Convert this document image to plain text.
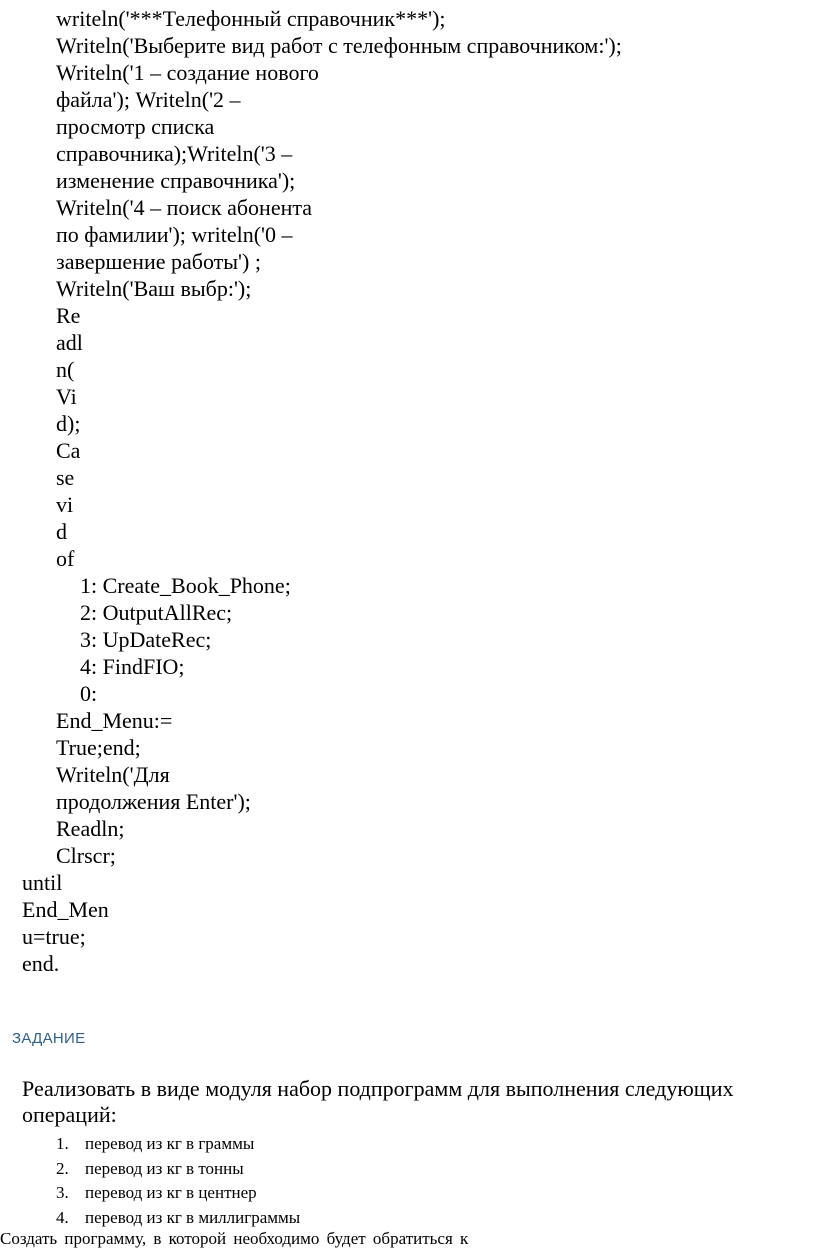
writeln('***Телефонный справочник***');
Writeln('Выберите вид работ с телефонным справочником:');
Writeln('1 – создание нового
файла'); Writeln('2 –
просмотр списка
справочника);Writeln('3 –
изменение справочника');
Writeln('4 – поиск абонента
по фамилии'); writeln('0 –
завершение работы') ;
Writeln('Ваш выбр:');
Re
adl
n(
Vi
d);
Ca
se
vi
d
of
1: Create_Book_Phone;
2: OutputAllRec;
3: UpDateRec;
4: FindFIO;
0:
End_Menu:=
True;end;
Writeln('Для
продолжения Enter');
Readln;
Clrscr;
until
End_Men
u=true;
end.
ЗАДАНИЕ
Реализовать в виде модуля набор подпрограмм для выполнения следующих операций:
1. перевод из кг в граммы
2. перевод из кг в тонны
3. перевод из кг в центнер
4. перевод из кг в миллиграммы
Создать программу, в которой необходимо будет обратиться к
